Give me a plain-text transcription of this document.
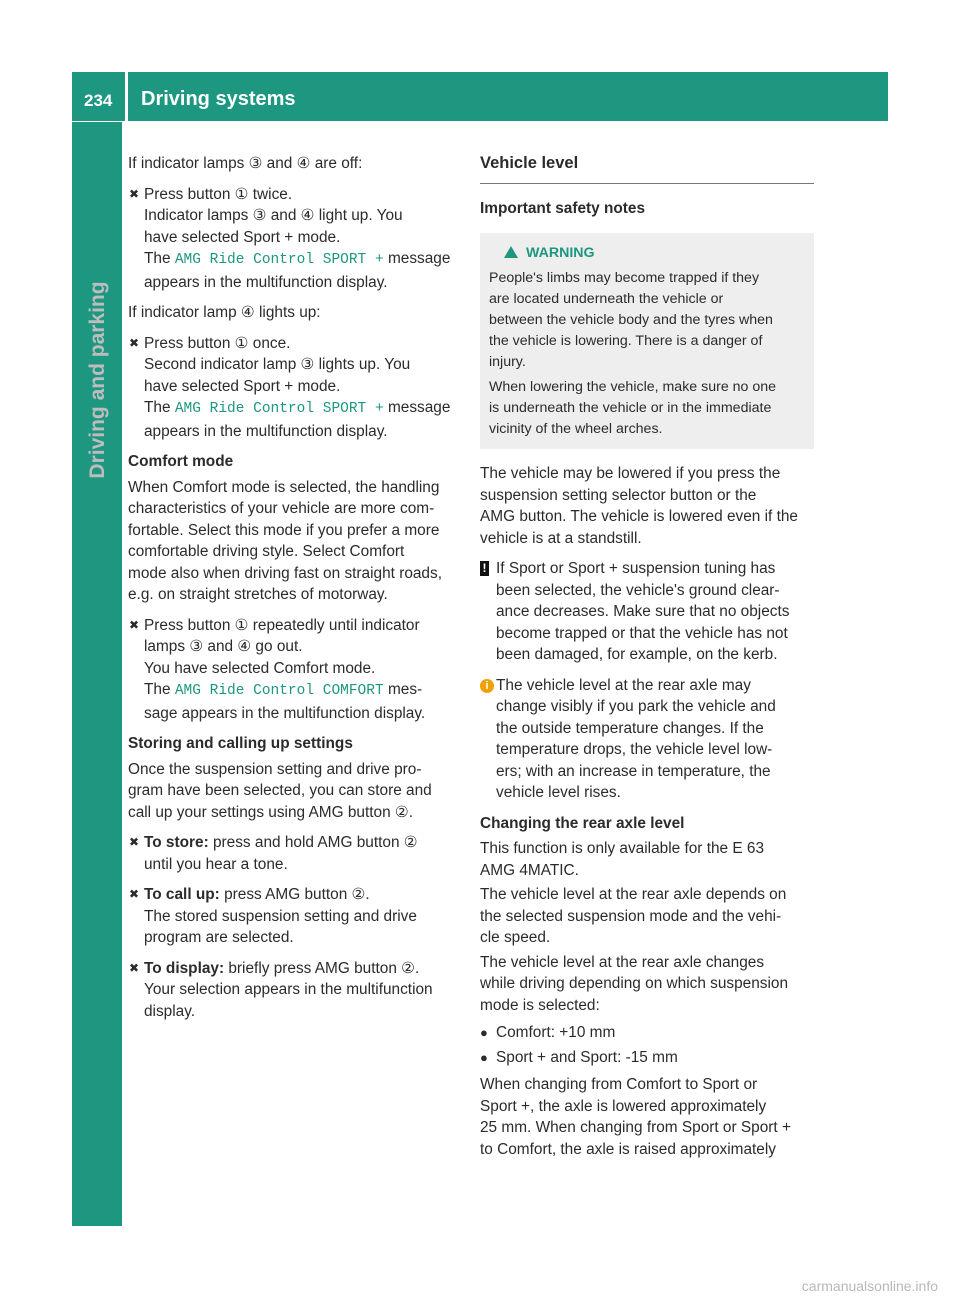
234 Driving systems
Driving and parking

If indicator lamps ③ and ④ are off:

✖ Press button ① twice.
Indicator lamps ③ and ④ light up. You
have selected Sport + mode.
The AMG Ride Control SPORT + message
appears in the multifunction display.

If indicator lamp ④ lights up:

✖ Press button ① once.
Second indicator lamp ③ lights up. You
have selected Sport + mode.
The AMG Ride Control SPORT + message
appears in the multifunction display.
Comfort mode

When Comfort mode is selected, the handling
characteristics of your vehicle are more com-
fortable. Select this mode if you prefer a more
comfortable driving style. Select Comfort
mode also when driving fast on straight roads,
e.g. on straight stretches of motorway.

✖ Press button ① repeatedly until indicator
lamps ③ and ④ go out.
You have selected Comfort mode.
The AMG Ride Control COMFORT mes-
sage appears in the multifunction display.
Storing and calling up settings

Once the suspension setting and drive pro-
gram have been selected, you can store and
call up your settings using AMG button ②.

✖ To store: press and hold AMG button ②
until you hear a tone.
✖ To call up: press AMG button ②.
The stored suspension setting and drive
program are selected.
✖ To display: briefly press AMG button ②.
Your selection appears in the multifunction
display.
Vehicle level
Important safety notes
WARNING

People's limbs may become trapped if they
are located underneath the vehicle or
between the vehicle body and the tyres when
the vehicle is lowering. There is a danger of
injury.

When lowering the vehicle, make sure no one
is underneath the vehicle or in the immediate
vicinity of the wheel arches.

The vehicle may be lowered if you press the
suspension setting selector button or the
AMG button. The vehicle is lowered even if the
vehicle is at a standstill.

! If Sport or Sport + suspension tuning has
been selected, the vehicle's ground clear-
ance decreases. Make sure that no objects
become trapped or that the vehicle has not
been damaged, for example, on the kerb.
i The vehicle level at the rear axle may
change visibly if you park the vehicle and
the outside temperature changes. If the
temperature drops, the vehicle level low-
ers; with an increase in temperature, the
vehicle level rises.
Changing the rear axle level

This function is only available for the E 63
AMG 4MATIC.

The vehicle level at the rear axle depends on
the selected suspension mode and the vehi-
cle speed.

The vehicle level at the rear axle changes
while driving depending on which suspension
mode is selected:

● Comfort: +10 mm
● Sport + and Sport: -15 mm

When changing from Comfort to Sport or
Sport +, the axle is lowered approximately
25 mm. When changing from Sport or Sport +
to Comfort, the axle is raised approximately

carmanualsonline.info
